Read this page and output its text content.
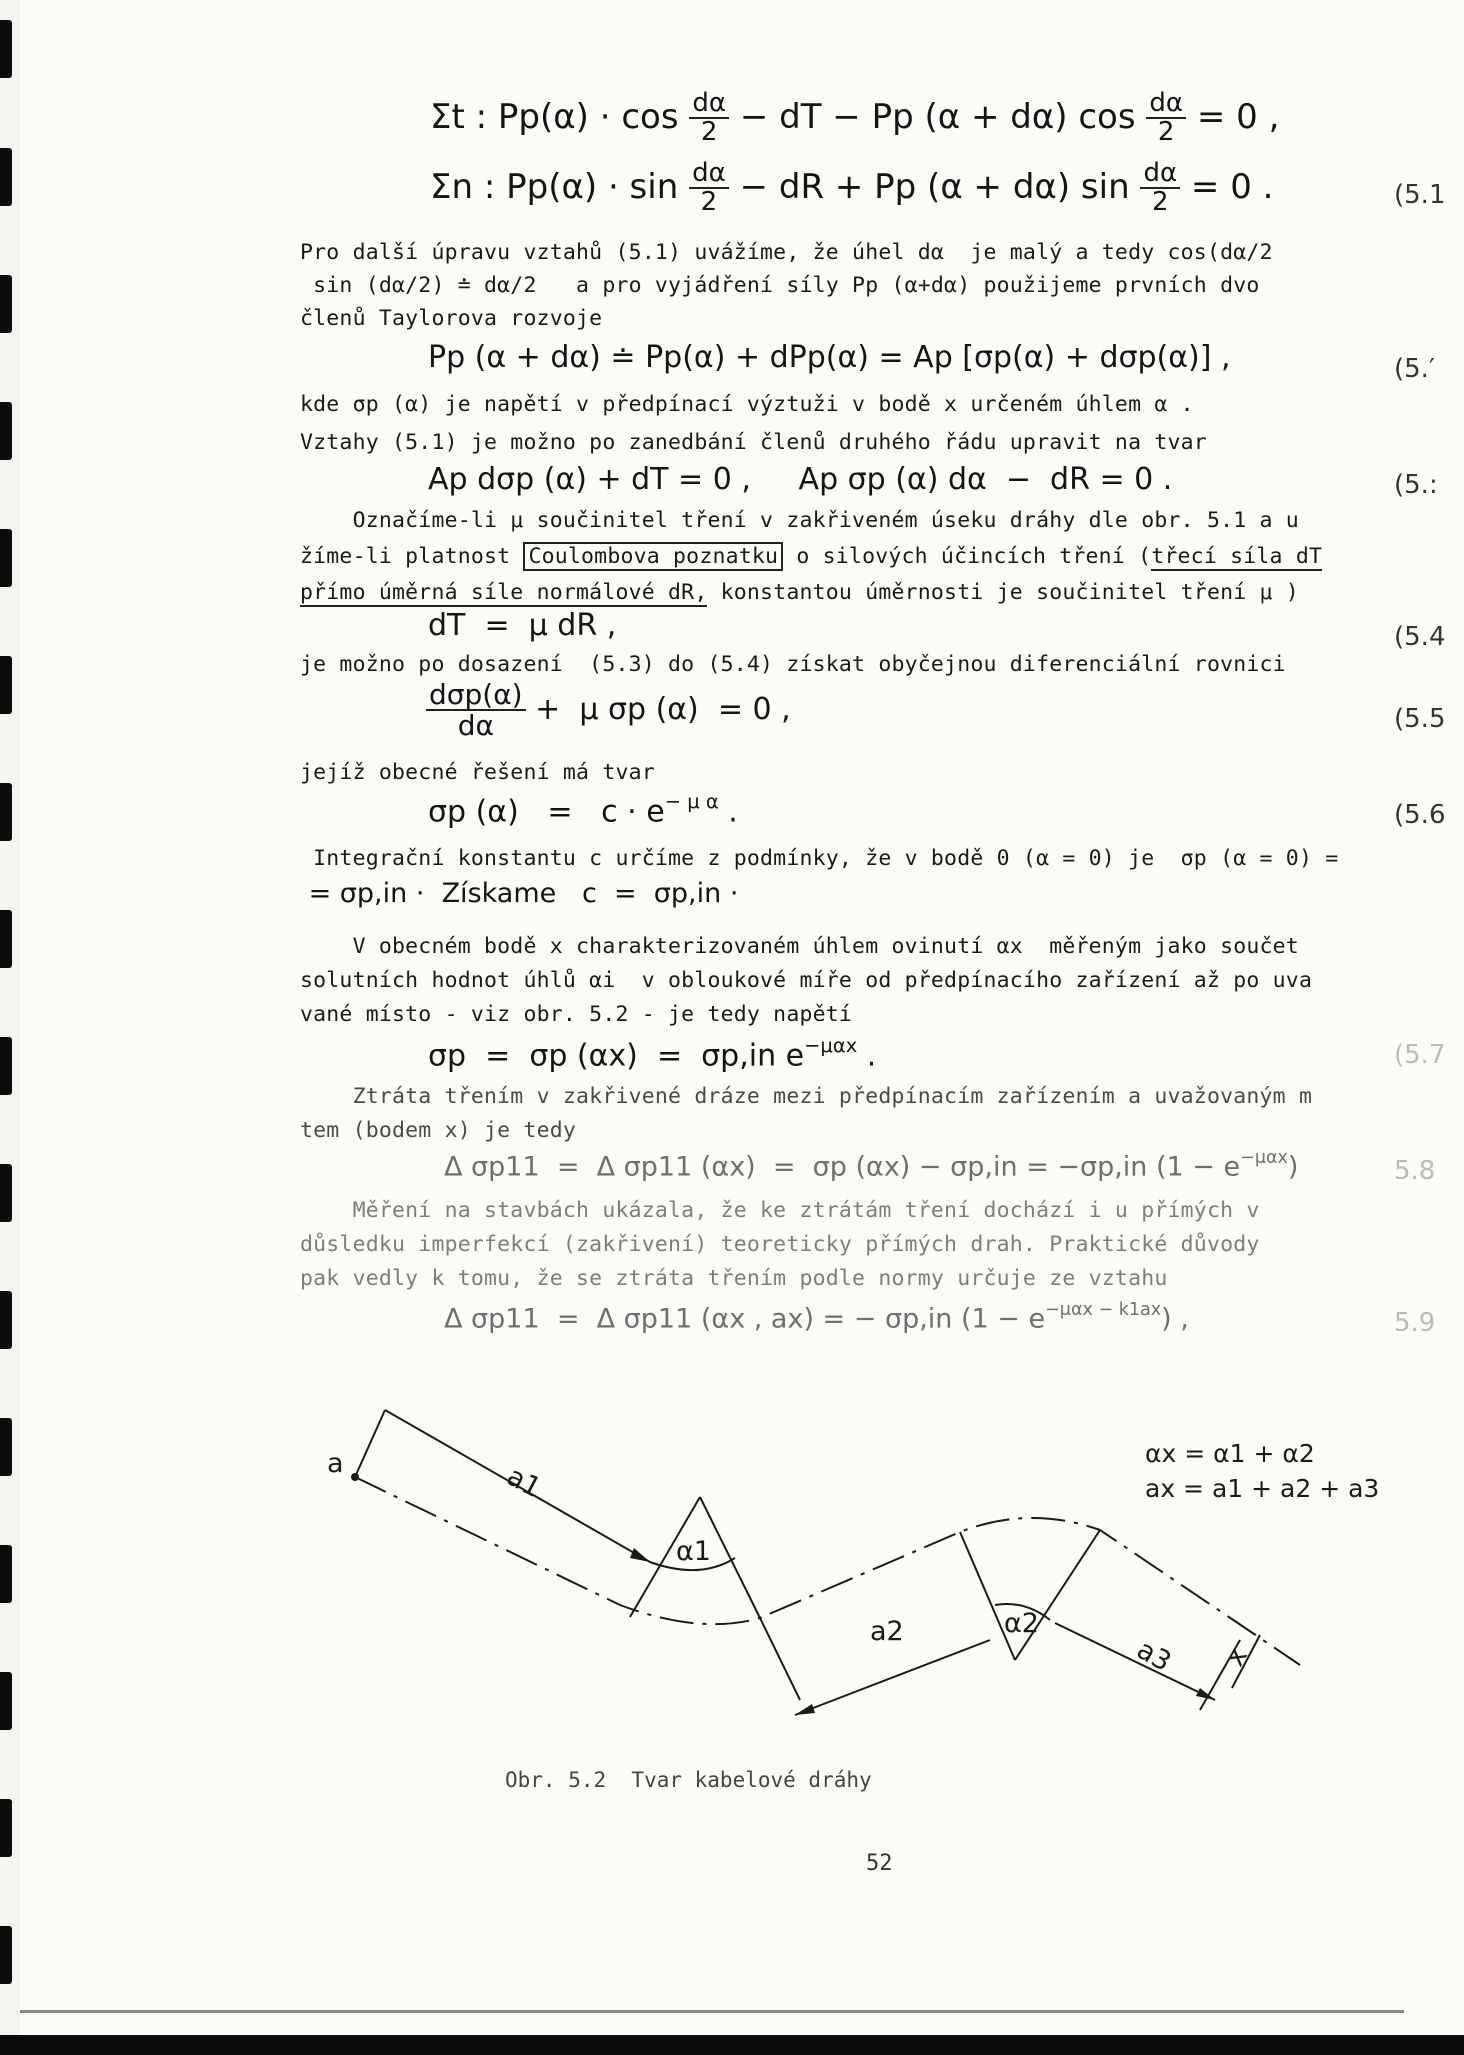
Σt : $Pp(\alpha) \cdot \cos \frac{d\alpha}{2}$ − dT − Pp (α + dα) $\cos \frac{d\alpha}{2} = 0$ ,
Σn : $Pp(\alpha) \cdot \sin \frac{d\alpha}{2}$ − dR + Pp (α + dα) $\sin \frac{d\alpha}{2} = 0$ .	(5.1
Pro další úpravu vztahů (5.1) uvážíme, že úhel dα  je malý a tedy cos(dα/2
sin (dα/2) ≐ dα/2   a pro vyjádření síly Pp (α+dα) použijeme prvních dvo
členů Taylorova rozvoje
Pp (α + dα) ≐ Pp(α) + dPp(α) = Ap [σp(α) + dσp(α)] ,	(5.′
kde σp (α) je napětí v předpínací výztuži v bodě x určeném úhlem α .
Vztahy (5.1) je možno po zanedbání členů druhého řádu upravit na tvar
Ap dσp (α) + dT = 0 ,     Ap σp (α) dα  −  dR = 0 .	(5.:
Označíme-li μ součinitel tření v zakřiveném úseku dráhy dle obr. 5.1 a u
žíme-li platnost Coulombova poznatku o silových účincích tření (třecí síla dT
přímo úměrná síle normálové dR, konstantou úměrnosti je součinitel tření μ )
dT  =  μ dR ,	(5.4
je možno po dosazení  (5.3) do (5.4) získat obyčejnou diferenciální rovnici
$\frac{\text{dσp(α)}}{d\alpha} + \mu$ σp (α)  = 0 ,	(5.5
jejíž obecné řešení má tvar
σp $(\alpha) = c \cdot e^{- \mu \alpha}$ .	(5.6
Integrační konstantu c určíme z podmínky, že v bodě 0 (α = 0) je  σp (α = 0) =
= σp,in ·  Získame   c  =  σp,in ·
V obecném bodě x charakterizovaném úhlem ovinutí αx  měřeným jako součet
solutních hodnot úhlů αi  v obloukové míře od předpínacího zařízení až po uva
vané místo - viz obr. 5.2 - je tedy napětí
σp  =  σp (αx)  =  σp,in $e^{-\mu\alpha x}$ .	(5.7
Ztráta třením v zakřivené dráze mezi předpínacím zařízením a uvažovaným m
tem (bodem x) je tedy
Δ σp11  =  Δ σp11 (αx)  =  σp (αx) − σp,in = −σp,in $(1 - e^{-\mu\alpha x})$	5.8
Měření na stavbách ukázala, že ke ztrátám tření dochází i u přímých v
důsledku imperfekcí (zakřivení) teoreticky přímých drah. Praktické důvody
pak vedly k tomu, že se ztráta třením podle normy určuje ze vztahu
Δ σp11  =  Δ σp11 (αx , ax) = − σp,in $(1 - e^{-\mu\alpha x - k1ax})$ ,	5.9
a	a1
α1
a2	α2
a3 x
αx = α1 + α2
ax = a1 + a2 + a3
Obr. 5.2  Tvar kabelové dráhy
52
